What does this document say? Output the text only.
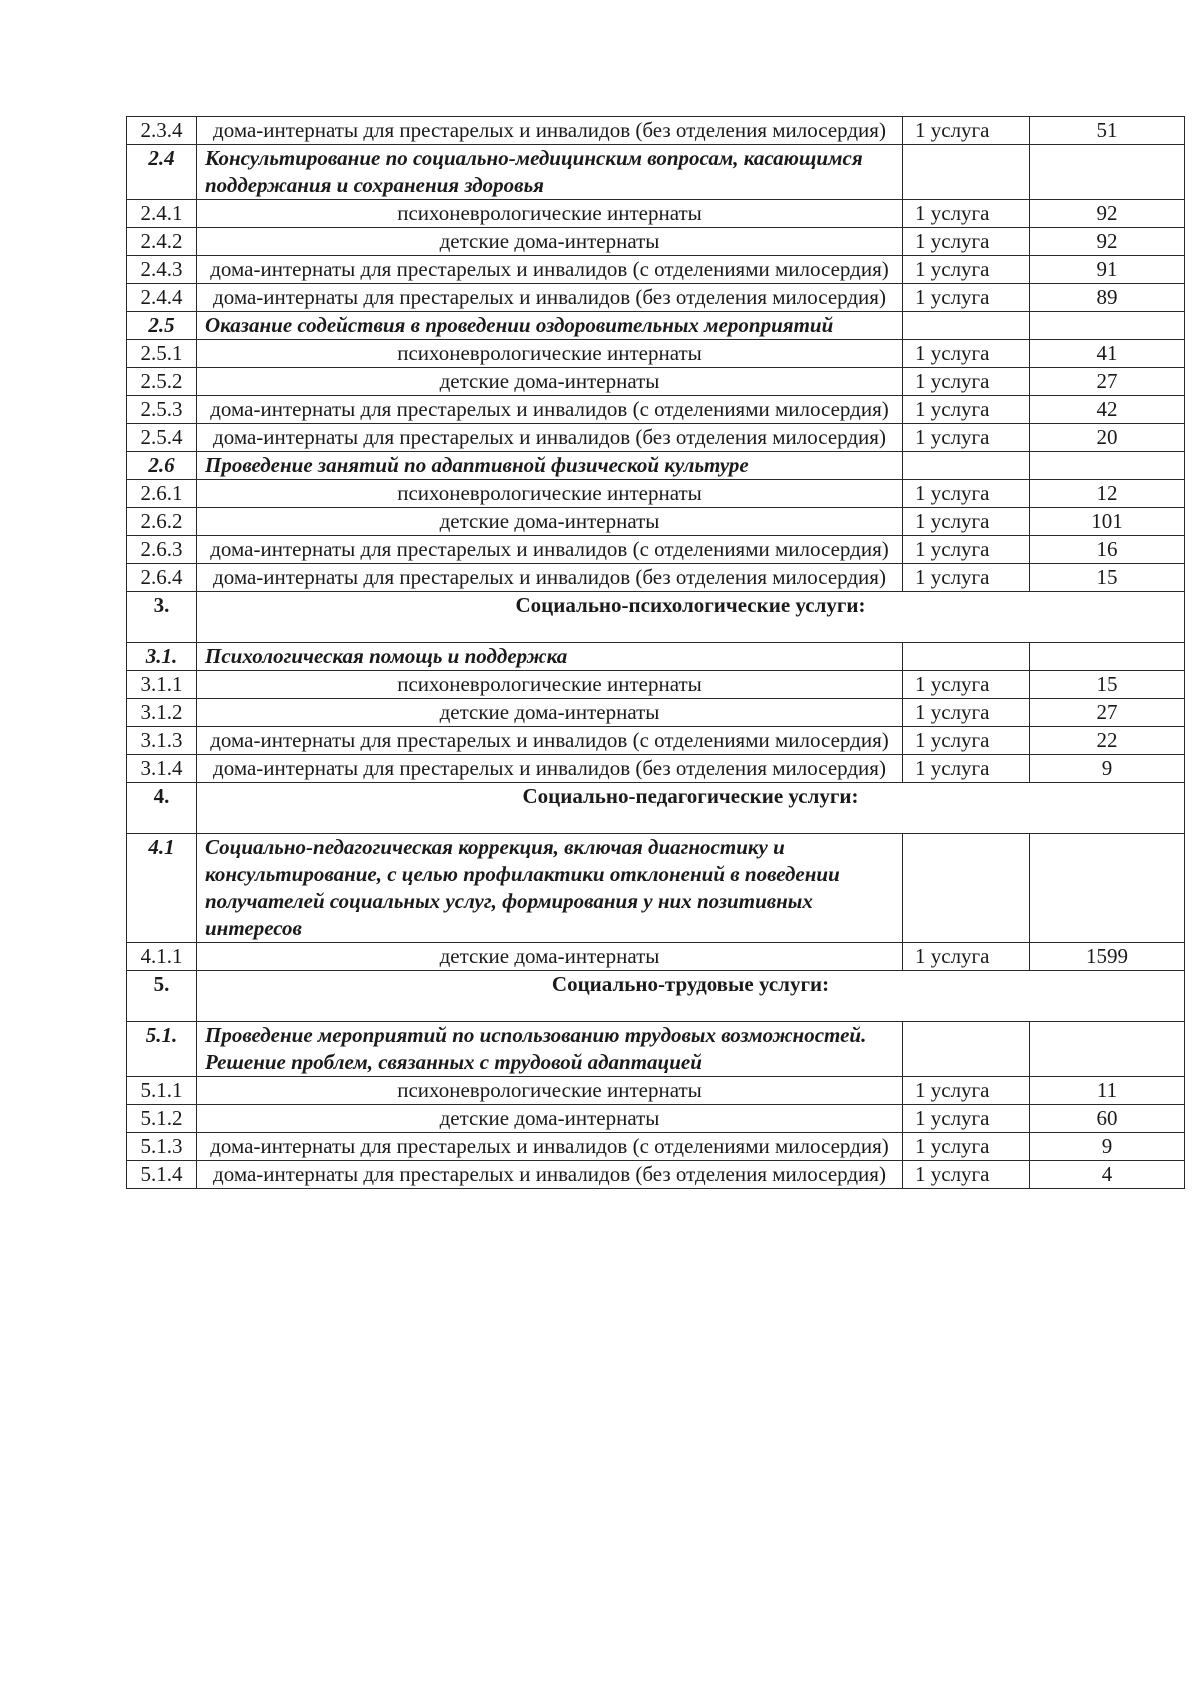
2.3.4	дома-интернаты для престарелых и инвалидов (без отделения милосердия)	1 услуга	51
2.4	Консультирование по социально-медицинским вопросам, касающимся поддержания и сохранения здоровья		
2.4.1	психоневрологические интернаты	1 услуга	92
2.4.2	детские дома-интернаты	1 услуга	92
2.4.3	дома-интернаты для престарелых и инвалидов (с отделениями милосердия)	1 услуга	91
2.4.4	дома-интернаты для престарелых и инвалидов (без отделения милосердия)	1 услуга	89
2.5	Оказание содействия в проведении оздоровительных мероприятий		
2.5.1	психоневрологические интернаты	1 услуга	41
2.5.2	детские дома-интернаты	1 услуга	27
2.5.3	дома-интернаты для престарелых и инвалидов (с отделениями милосердия)	1 услуга	42
2.5.4	дома-интернаты для престарелых и инвалидов (без отделения милосердия)	1 услуга	20
2.6	Проведение занятий по адаптивной физической культуре		
2.6.1	психоневрологические интернаты	1 услуга	12
2.6.2	детские дома-интернаты	1 услуга	101
2.6.3	дома-интернаты для престарелых и инвалидов (с отделениями милосердия)	1 услуга	16
2.6.4	дома-интернаты для престарелых и инвалидов (без отделения милосердия)	1 услуга	15
3.	Социально-психологические услуги:		
3.1.	Психологическая помощь и поддержка		
3.1.1	психоневрологические интернаты	1 услуга	15
3.1.2	детские дома-интернаты	1 услуга	27
3.1.3	дома-интернаты для престарелых и инвалидов (с отделениями милосердия)	1 услуга	22
3.1.4	дома-интернаты для престарелых и инвалидов (без отделения милосердия)	1 услуга	9
4.	Социально-педагогические услуги:		
4.1	Социально-педагогическая коррекция, включая диагностику и консультирование, с целью профилактики отклонений в поведении получателей социальных услуг, формирования у них позитивных интересов		
4.1.1	детские дома-интернаты	1 услуга	1599
5.	Социально-трудовые услуги:		
5.1.	Проведение мероприятий по использованию трудовых возможностей. Решение проблем, связанных с трудовой адаптацией		
5.1.1	психоневрологические интернаты	1 услуга	11
5.1.2	детские дома-интернаты	1 услуга	60
5.1.3	дома-интернаты для престарелых и инвалидов (с отделениями милосердия)	1 услуга	9
5.1.4	дома-интернаты для престарелых и инвалидов (без отделения милосердия)	1 услуга	4
